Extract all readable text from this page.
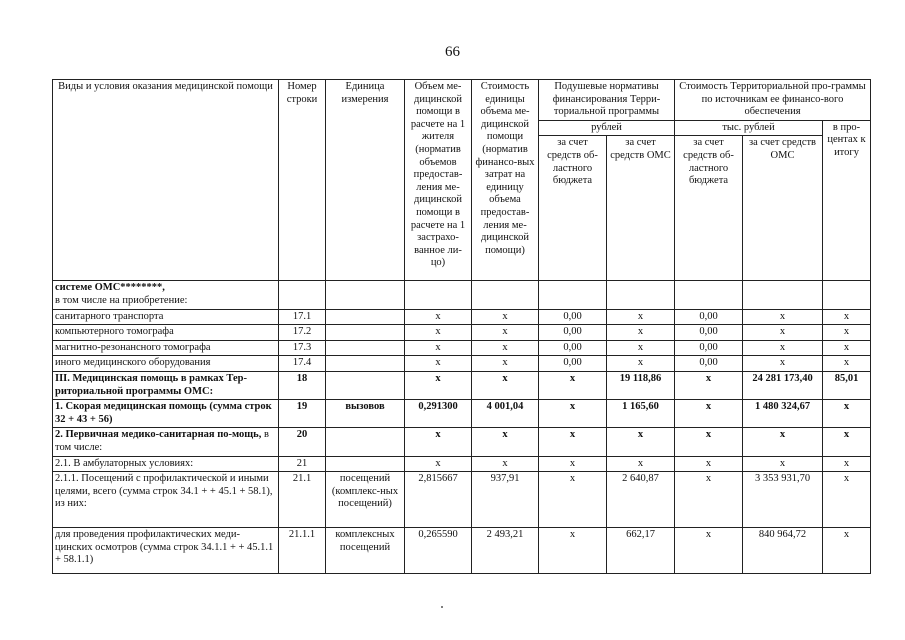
66
Виды и условия оказания медицинской помощи	Номер строки	Единица измерения	Объем ме-дицинской помощи в расчете на 1 жителя (норматив объемов предостав-ления ме-дицинской помощи в расчете на 1 застрахо-ванное ли-цо)	Стоимость единицы объема ме-дицинской помощи (норматив финансо-вых затрат на единицу объема предостав-ления ме-дицинской помощи)	Подушевые нормативы финансирования Терри-ториальной программы		Стоимость Территориальной про-граммы по источникам ее финансо-вого обеспечения		
					рублей		тыс. рублей		в про-центах к итогу
					за счет средств об-ластного бюджета	за счет средств ОМС	за счет средств об-ластного бюджета	за счет средств ОМС	
системе ОМС********,
в том числе на приобретение:									
санитарного транспорта	17.1		х	х	0,00	х	0,00	х	х
компьютерного томографа	17.2		х	х	0,00	х	0,00	х	х
магнитно-резонансного томографа	17.3		х	х	0,00	х	0,00	х	х
иного медицинского оборудования	17.4		х	х	0,00	х	0,00	х	х
III. Медицинская помощь в рамках Тер-риториальной программы ОМС:	18		х	х	х	19 118,86	х	24 281 173,40	85,01
1. Скорая медицинская помощь (сумма строк 32 + 43 + 56)	19	вызовов	0,291300	4 001,04	х	1 165,60	х	1 480 324,67	х
2. Первичная медико-санитарная по-мощь, в том числе:	20		х	х	х	х	х	х	х
2.1. В амбулаторных условиях:	21		х	х	х	х	х	х	х
2.1.1. Посещений с профилактической и иными целями, всего (сумма строк 34.1 + + 45.1 + 58.1), из них:	21.1	посещений (комплекс-ных посещений)	2,815667	937,91	х	2 640,87	х	3 353 931,70	х
для проведения профилактических меди-цинских осмотров (сумма строк 34.1.1 + + 45.1.1 + 58.1.1)	21.1.1	комплексных посещений	0,265590	2 493,21	х	662,17	х	840 964,72	х
